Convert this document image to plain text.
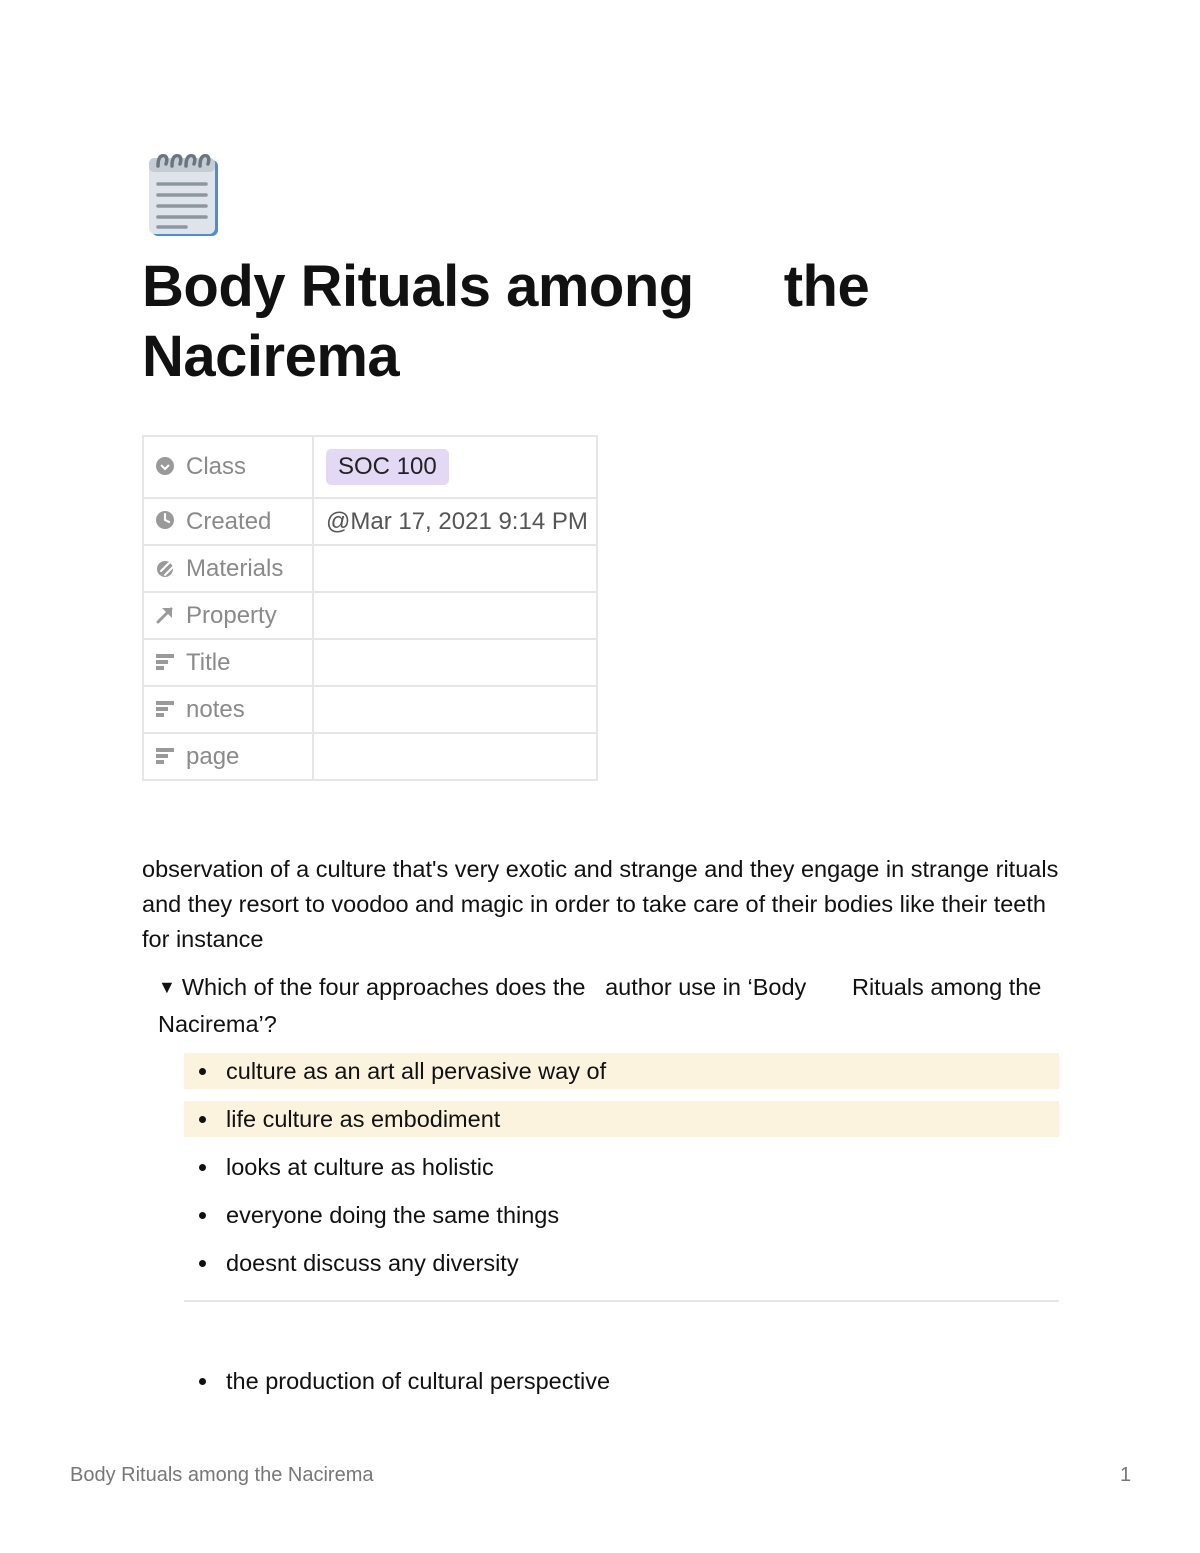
Body Rituals among the
Nacirema
Class	SOC 100
Created	@Mar 17, 2021 9:14 PM
Materials	
Property	
Title	
notes	
page	

observation of a culture that's very exotic and strange and they engage in strange rituals and they resort to voodoo and magic in order to take care of their bodies like their teeth for instance

▼ Which of the four approaches does the   author use in ‘Body       Rituals among the Nacirema’?
culture as an art all pervasive way of
life culture as embodiment
looks at culture as holistic
everyone doing the same things
doesnt discuss any diversity
the production of cultural perspective
Body Rituals among the Nacirema	1
